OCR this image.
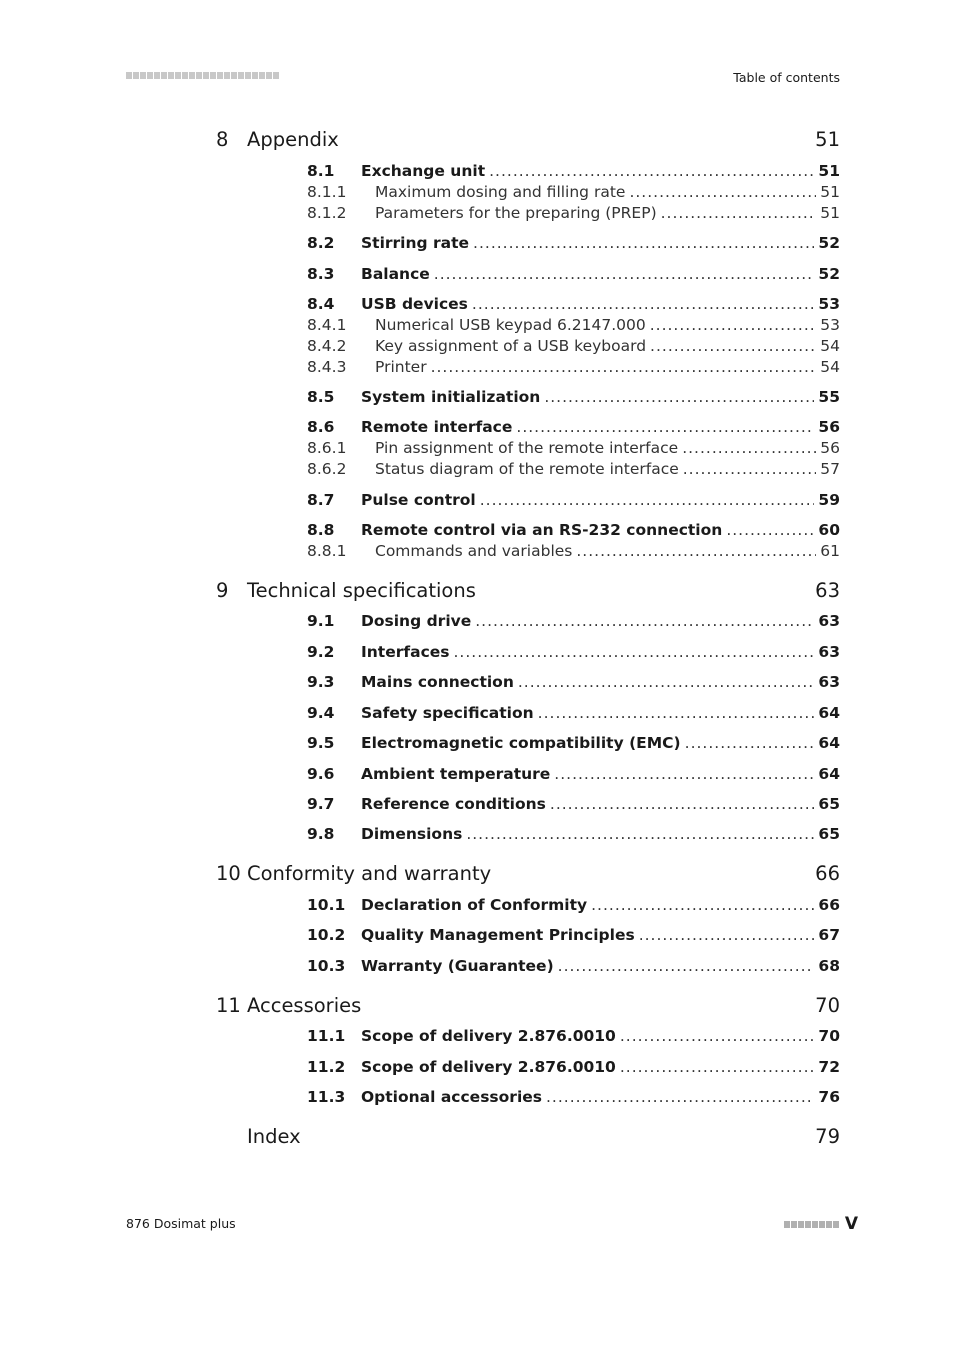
Table of contents
8 Appendix	51
8.1 Exchange unit .....	51
8.1.1 Maximum dosing and filling rate .....	51
8.1.2 Parameters for the preparing (PREP) .....	51
8.2 Stirring rate .....	52
8.3 Balance .....	52
8.4 USB devices .....	53
8.4.1 Numerical USB keypad 6.2147.000 .....	53
8.4.2 Key assignment of a USB keyboard .....	54
8.4.3 Printer .....	54
8.5 System initialization .....	55
8.6 Remote interface .....	56
8.6.1 Pin assignment of the remote interface .....	56
8.6.2 Status diagram of the remote interface .....	57
8.7 Pulse control .....	59
8.8 Remote control via an RS-232 connection .....	60
8.8.1 Commands and variables .....	61
9 Technical specifications	63
9.1 Dosing drive .....	63
9.2 Interfaces .....	63
9.3 Mains connection .....	63
9.4 Safety specification .....	64
9.5 Electromagnetic compatibility (EMC) .....	64
9.6 Ambient temperature .....	64
9.7 Reference conditions .....	65
9.8 Dimensions .....	65
10 Conformity and warranty	66
10.1 Declaration of Conformity .....	66
10.2 Quality Management Principles .....	67
10.3 Warranty (Guarantee) .....	68
11 Accessories	70
11.1 Scope of delivery 2.876.0010 .....	70
11.2 Scope of delivery 2.876.0010 .....	72
11.3 Optional accessories .....	76
Index	79
876 Dosimat plus	V
